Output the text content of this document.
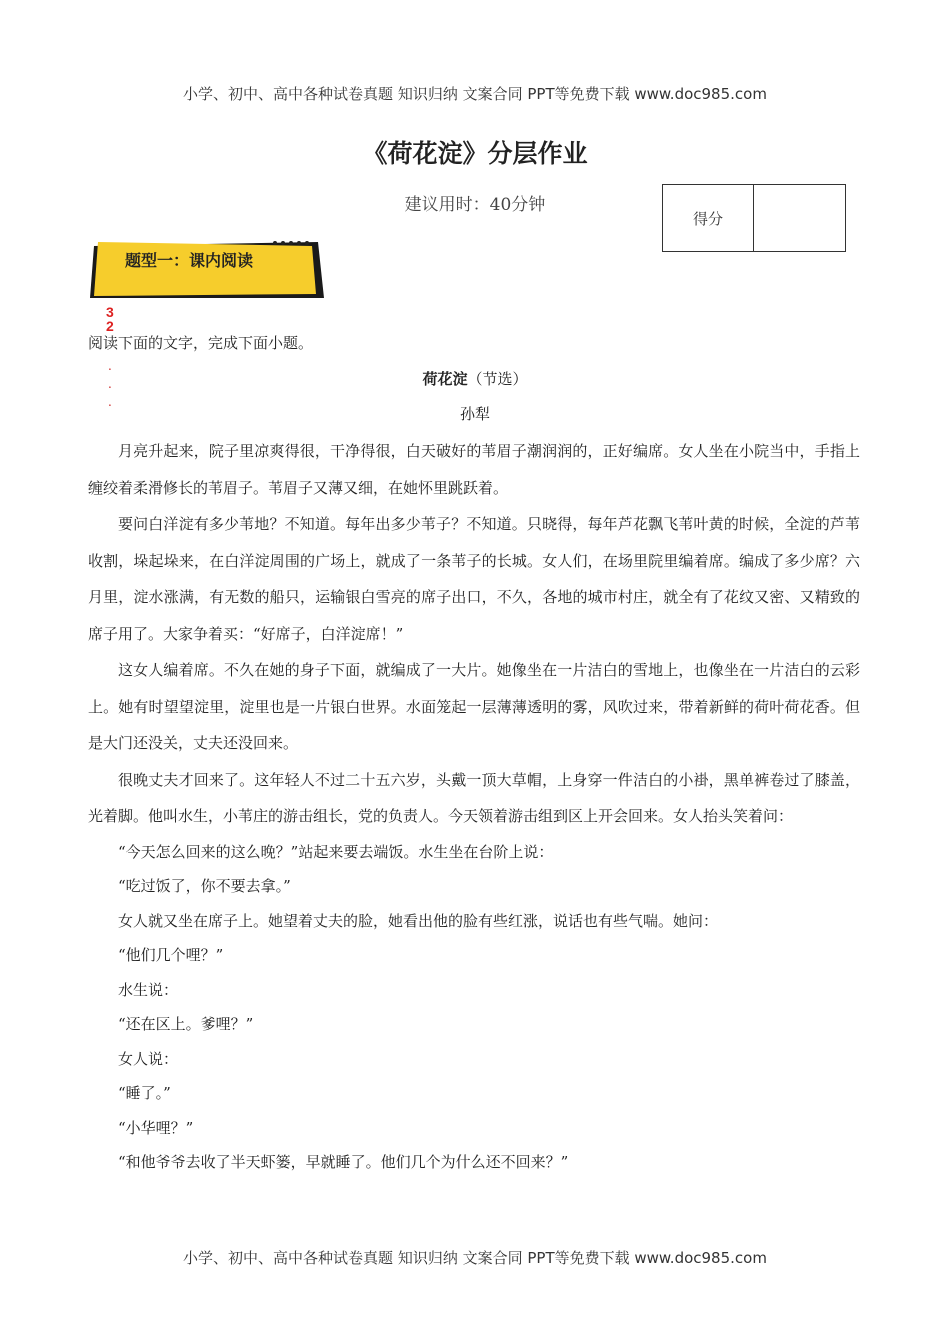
小学、初中、高中各种试卷真题 知识归纳 文案合同 PPT等免费下载 www.doc985.com
《荷花淀》分层作业
建议用时：40分钟
得分
题型一：课内阅读
32
.
.
.
阅读下面的文字，完成下面小题。
荷花淀（节选）
孙犁

月亮升起来，院子里凉爽得很，干净得很，白天破好的苇眉子潮润润的，正好编席。女人坐在小院当中，手指上缠绞着柔滑修长的苇眉子。苇眉子又薄又细，在她怀里跳跃着。

要问白洋淀有多少苇地？不知道。每年出多少苇子？不知道。只晓得，每年芦花飘飞苇叶黄的时候，全淀的芦苇收割，垛起垛来，在白洋淀周围的广场上，就成了一条苇子的长城。女人们，在场里院里编着席。编成了多少席？六月里，淀水涨满，有无数的船只，运输银白雪亮的席子出口，不久，各地的城市村庄，就全有了花纹又密、又精致的席子用了。大家争着买：“好席子，白洋淀席！”

这女人编着席。不久在她的身子下面，就编成了一大片。她像坐在一片洁白的雪地上，也像坐在一片洁白的云彩上。她有时望望淀里，淀里也是一片银白世界。水面笼起一层薄薄透明的雾，风吹过来，带着新鲜的荷叶荷花香。但是大门还没关，丈夫还没回来。

很晚丈夫才回来了。这年轻人不过二十五六岁，头戴一顶大草帽，上身穿一件洁白的小褂，黑单裤卷过了膝盖，光着脚。他叫水生，小苇庄的游击组长，党的负责人。今天领着游击组到区上开会回来。女人抬头笑着问：

“今天怎么回来的这么晚？”站起来要去端饭。水生坐在台阶上说：

“吃过饭了，你不要去拿。”

女人就又坐在席子上。她望着丈夫的脸，她看出他的脸有些红涨，说话也有些气喘。她问：

“他们几个哩？”

水生说：

“还在区上。爹哩？”

女人说：

“睡了。”

“小华哩？”

“和他爷爷去收了半天虾篓，早就睡了。他们几个为什么还不回来？”

小学、初中、高中各种试卷真题 知识归纳 文案合同 PPT等免费下载 www.doc985.com
